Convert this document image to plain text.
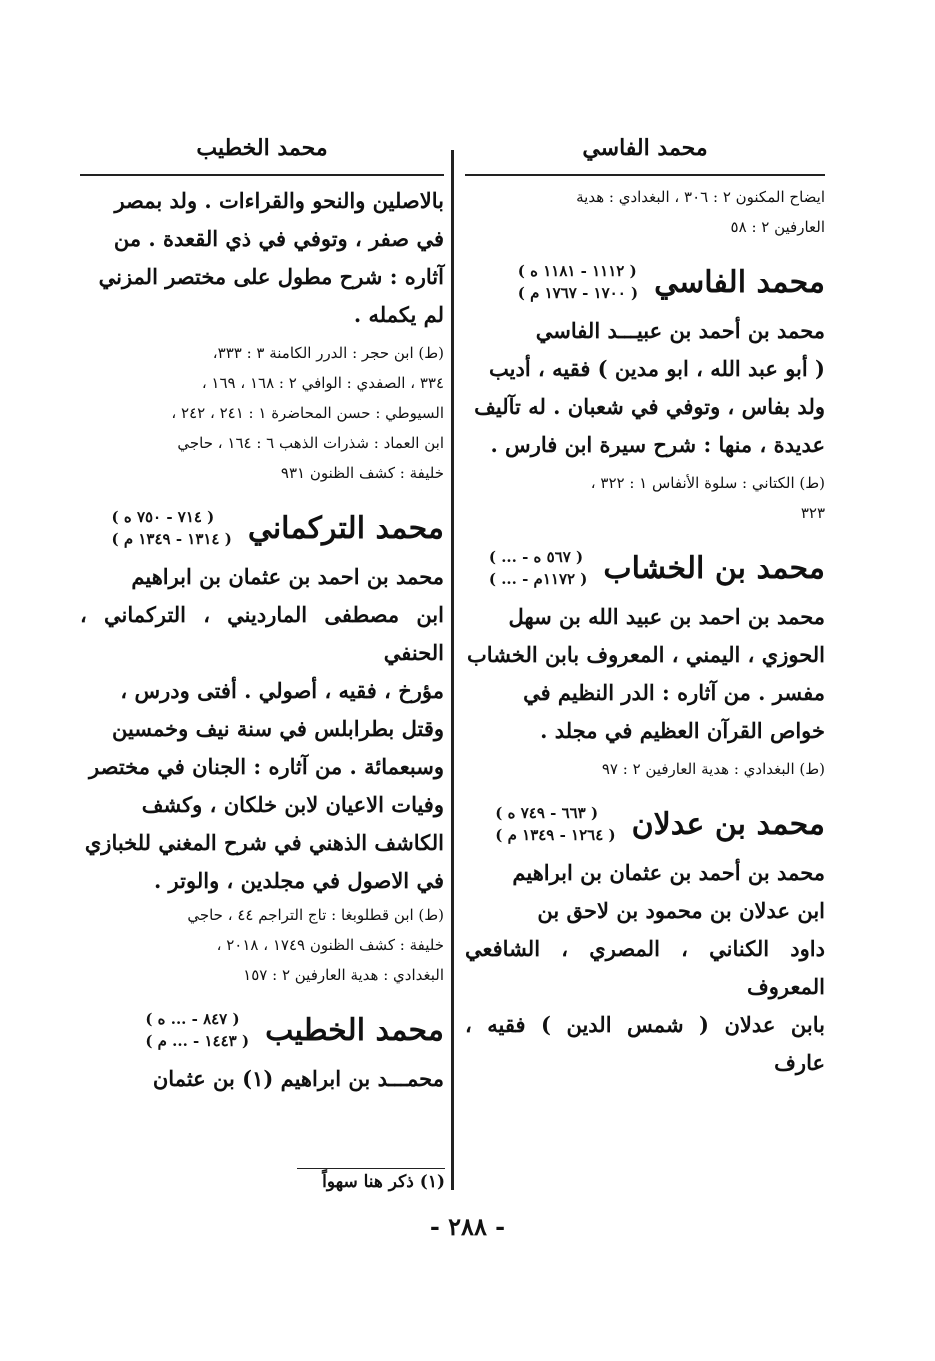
محمد الفاسي
ايضاح المكنون ٢ : ٣٠٦ ، البغدادي : هدية
العارفين ٢ : ٥٨
محمد الفاسي
( ١١١٢ - ١١٨١ ه )
( ١٧٠٠ - ١٧٦٧ م )
محمد بن أحمد بن عبيـــد الفاسي
( أبو عبد الله ، ابو مدين ) فقيه ، أديب
ولد بفاس ، وتوفي في شعبان . له تآليف
عديدة ، منها : شرح سيرة ابن فارس .
(ط) الكتاني : سلوة الأنفاس ١ : ٣٢٢ ،
٣٢٣
محمد بن الخشاب
( ... - ٥٦٧ ه )
( ... - ١١٧٢م )
محمد بن احمد بن عبيد الله بن سهل
الحوزي ، اليمني ، المعروف بابن الخشاب
مفسر . من آثاره : الدر النظيم في
خواص القرآن العظيم في مجلد .
(ط) البغدادي : هدية العارفين ٢ : ٩٧
محمد بن عدلان
( ٦٦٣ - ٧٤٩ ه )
( ١٢٦٤ - ١٣٤٩ م )
محمد بن أحمد بن عثمان بن ابراهيم
ابن عدلان بن محمود بن لاحق بن
داود الكناني ، المصري ، الشافعي المعروف
بابن عدلان ( شمس الدين ) فقيه ، عارف
محمد الخطيب
بالاصلين والنحو والقراءات . ولد بمصر
في صفر ، وتوفي في ذي القعدة . من
آثاره : شرح مطول على مختصر المزني
لم يكمله .
(ط) ابن حجر : الدرر الكامنة ٣ : ٣٣٣،
٣٣٤ ، الصفدي : الوافي ٢ : ١٦٨ ، ١٦٩ ،
السيوطي : حسن المحاضرة ١ : ٢٤١ ، ٢٤٢ ،
ابن العماد : شذرات الذهب ٦ : ١٦٤ ، حاجي
خليفة : كشف الظنون ٩٣١
محمد التركماني
( ٧١٤ - ٧٥٠ ه )
( ١٣١٤ - ١٣٤٩ م )
محمد بن احمد بن عثمان بن ابراهيم
ابن مصطفى المارديني ، التركماني ، الحنفي
مؤرخ ، فقيه ، أصولي . أفتى ودرس ،
وقتل بطرابلس في سنة نيف وخمسين
وسبعمائة . من آثاره : الجنان في مختصر
وفيات الاعيان لابن خلكان ، وكشف
الكاشف الذهني في شرح المغني للخبازي
في الاصول في مجلدين ، والوتر .
(ط) ابن قطلوبغا : تاج التراجم ٤٤ ، حاجي
خليفة : كشف الظنون ١٧٤٩ ، ٢٠١٨ ،
البغدادي : هدية العارفين ٢ : ١٥٧
محمد الخطيب
( ٨٤٧ - ... ه )
( ١٤٤٣ - ... م )
محمـــد بن ابراهيم (١) بن عثمان
(١) ذكر هنا سهواً
- ٢٨٨ -
